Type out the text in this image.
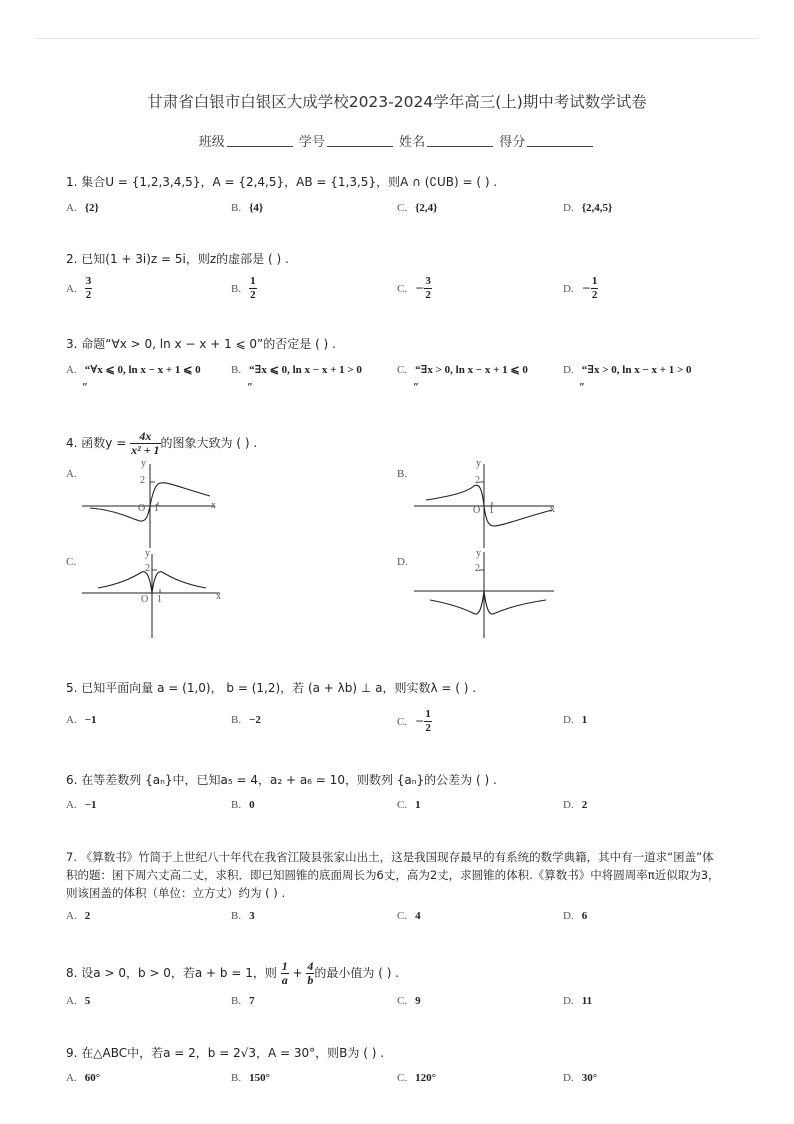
甘肃省白银市白银区大成学校2023-2024学年高三(上)期中考试数学试卷
班级	学号	姓名	得分
1. 集合U = {1,2,3,4,5}，A = {2,4,5}，AB = {1,3,5}，则A ∩ (∁UB) = ( ) .
A. {2}	B. {4}	C. {2,4}	D. {2,4,5}
2. 已知(1 + 3i)z = 5i，则z的虚部是 ( ) .
A. $\frac{3}{2}$	B. $\frac{1}{2}$	C. − $\frac{3}{2}$	D. − $\frac{1}{2}$
3. 命题“∀x > 0, ln x − x + 1 ⩽ 0”的否定是 ( ) .
A. “∀x ⩽ 0, ln x − x + 1 ⩽ 0
”
B. “∃x ⩽ 0, ln x − x + 1 > 0
”
C. “∃x > 0, ln x − x + 1 ⩽ 0
”
D. “∃x > 0, ln x − x + 1 > 0
”
4. 函数$y = \frac{4x}{\text{x² + 1}}$ 的图象大致为 ( ) .
A.	B.
C.	D.
y
2
O 1	x
y
2
O 1	x
y
2
O 1	x
y
2
5. 已知平面向量 a = (1,0)， b = (1,2)，若 (a + λb) ⊥ a，则实数λ = ( ) .
A. −1	B. −2	C. − $\frac{1}{2}$	D. 1
6. 在等差数列 {aₙ}中，已知a₅ = 4，a₂ + a₆ = 10，则数列 {aₙ}的公差为 ( ) .
A. −1	B. 0	C. 1	D. 2
7. 《算数书》竹简于上世纪八十年代在我省江陵县张家山出土，这是我国现存最早的有系统的数学典籍，其中有一道求“囷盖”体
积的题：囷下周六丈高二丈，求积．即已知圆锥的底面周长为6丈，高为2丈，求圆锥的体积.《算数书》中将圆周率π近似取为3，
则该囷盖的体积（单位：立方丈）约为 ( ) .
A. 2	B. 3	C. 4	D. 6
8. 设a > 0，b > 0，若a + b = 1，则 $\frac{1}{a} + \frac{4}{b}$ 的最小值为 ( ) .
A. 5	B. 7	C. 9	D. 11
9. 在△ABC中，若a = 2，b = 2√3，A = 30°，则B为 ( ) .
A. 60°	B. 150°	C. 120°	D. 30°
